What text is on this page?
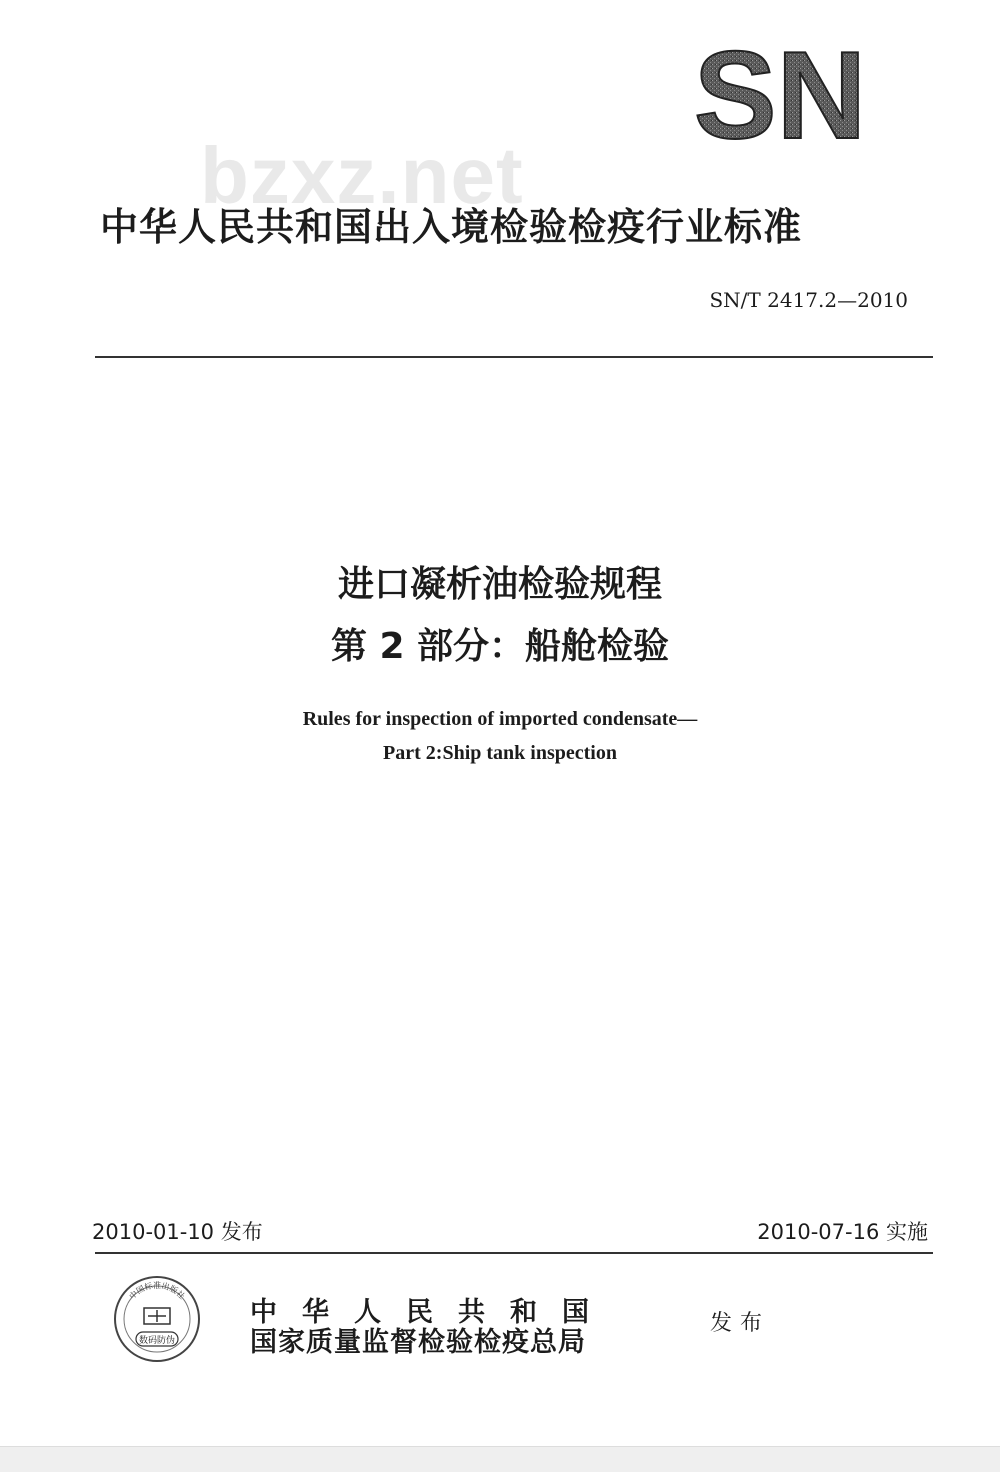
SN
bzxz.net
中华人民共和国出入境检验检疫行业标准
SN/T 2417.2—2010
进口凝析油检验规程
第 2 部分：船舱检验
Rules for inspection of imported condensate—
Part 2:Ship tank inspection
2010-01-10 发布	2010-07-16 实施
中国标准出版社
数码防伪
中华人民共和国
国家质量监督检验检疫总局
发布
